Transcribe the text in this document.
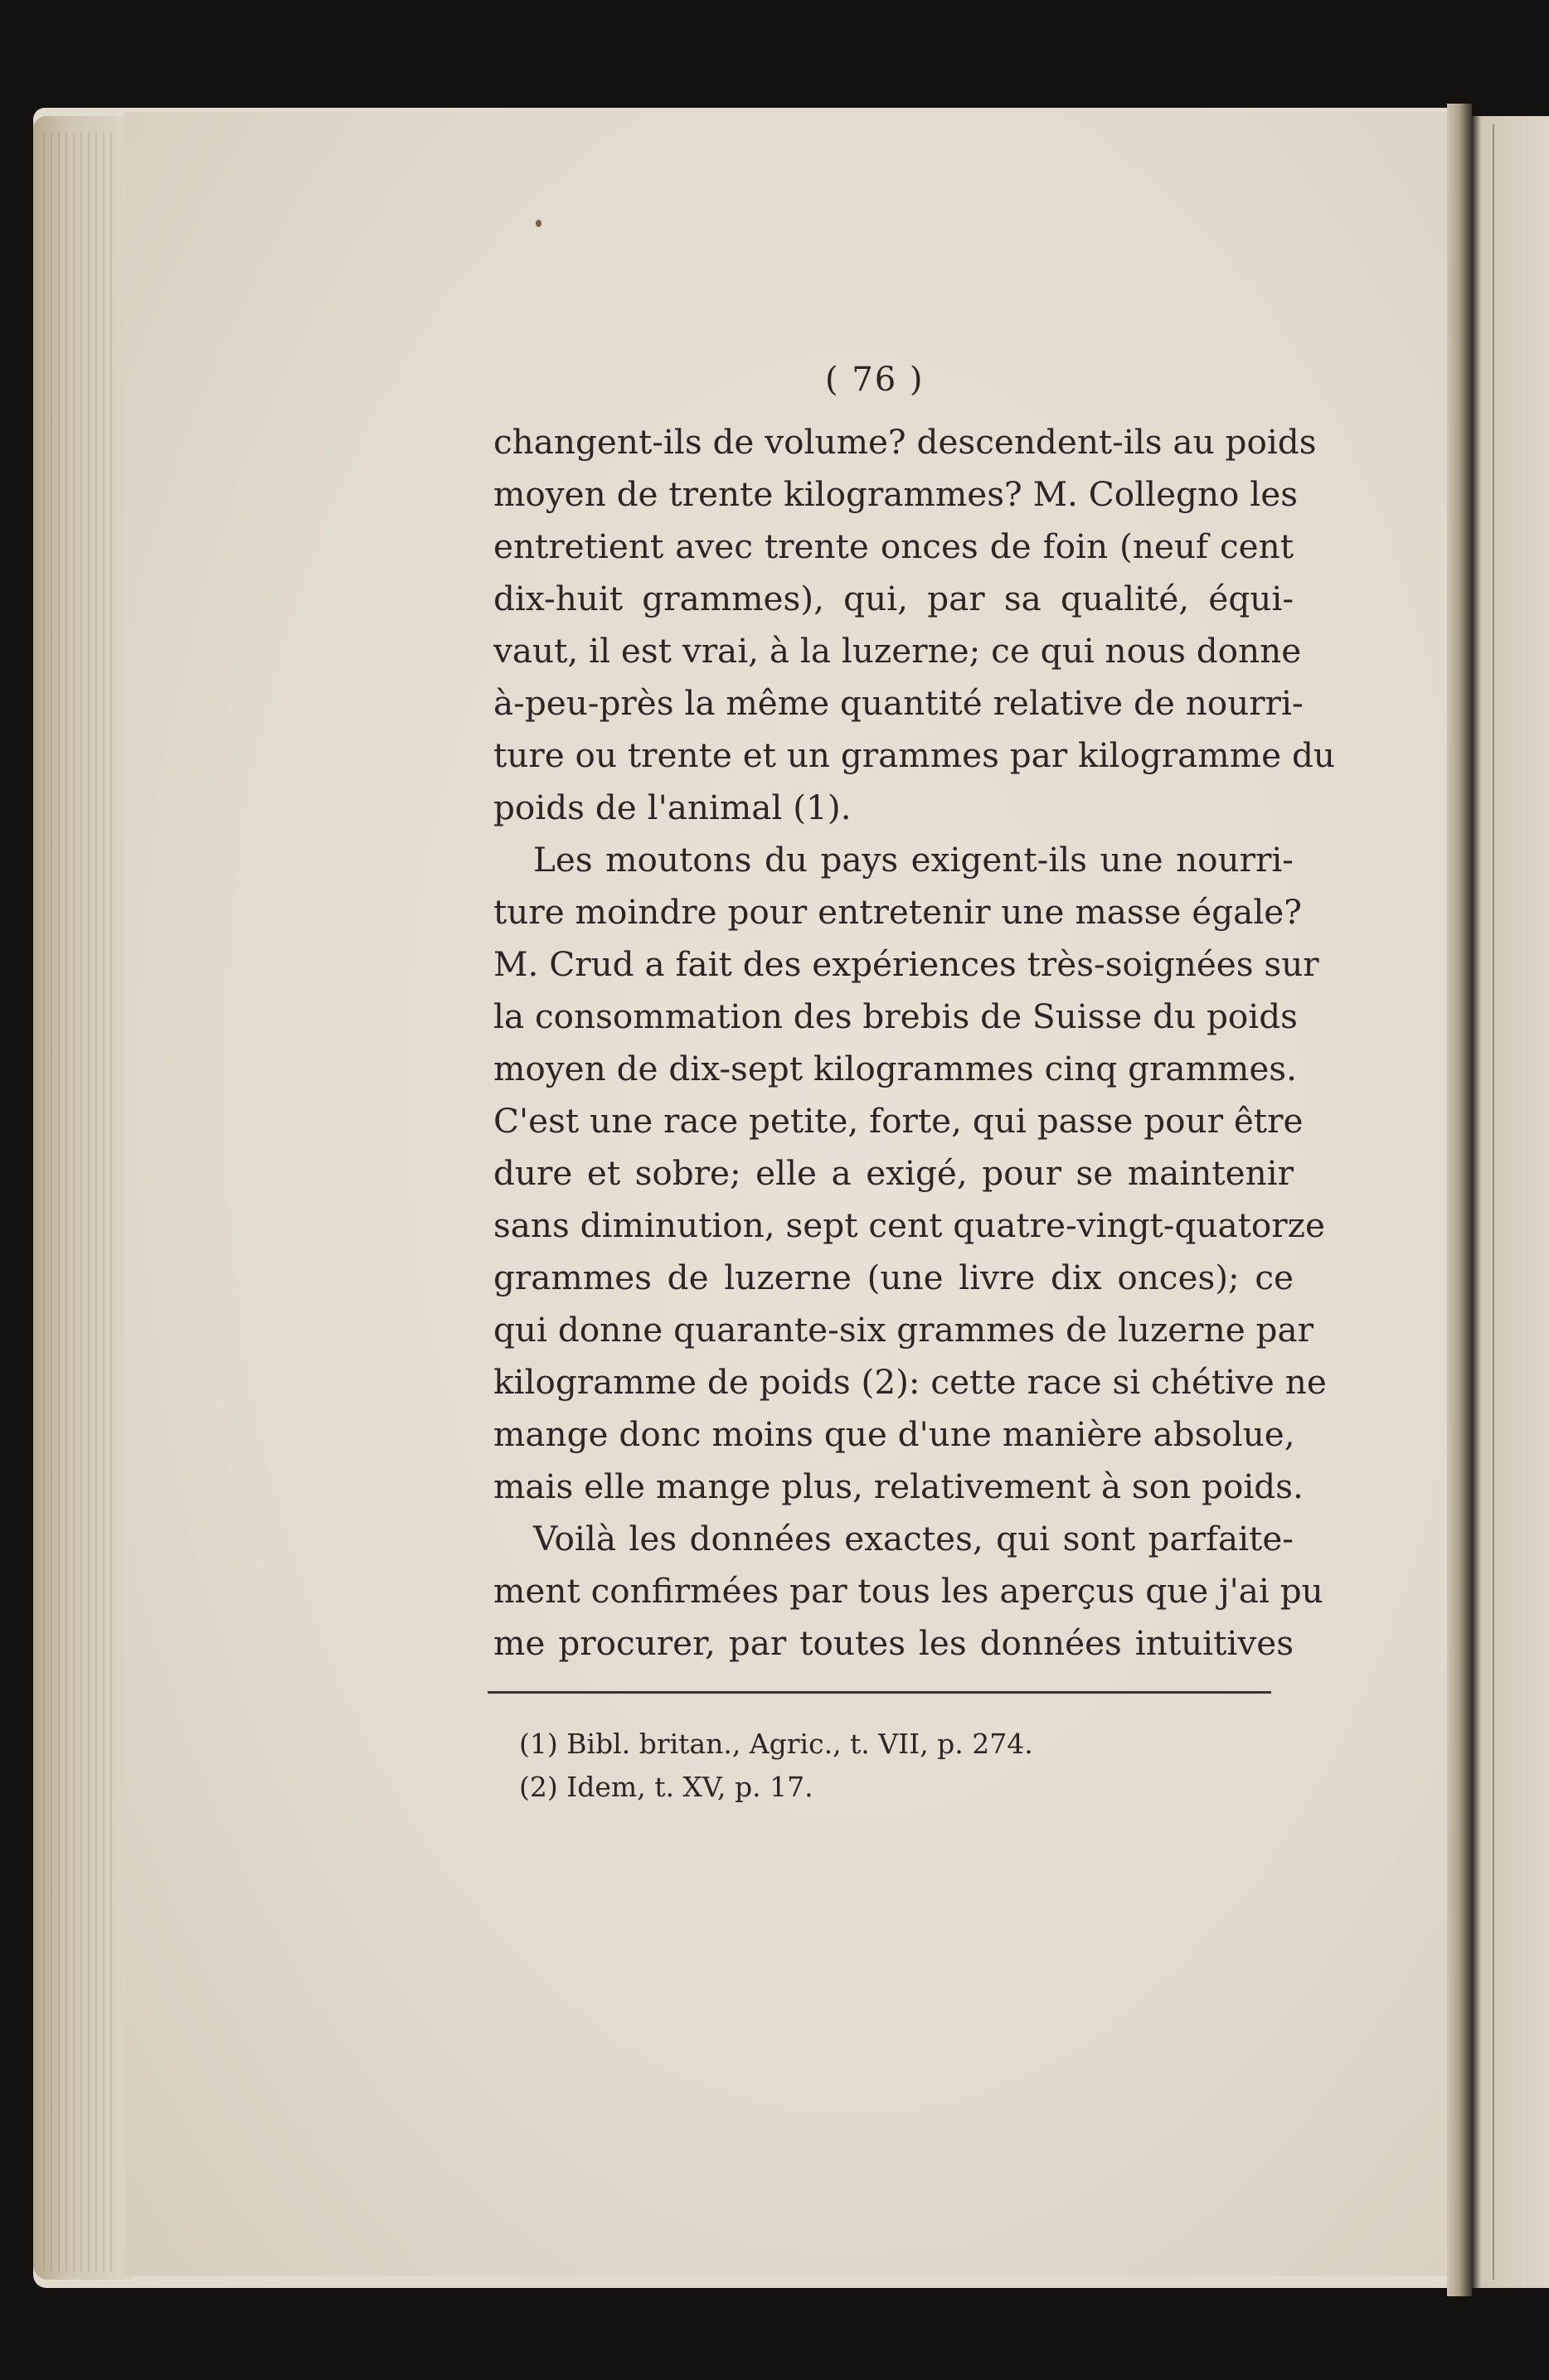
( 76 )
changent-ils de volume? descendent-ils au poids
moyen de trente kilogrammes? M. Collegno les
entretient avec trente onces de foin (neuf cent
dix-huit grammes), qui, par sa qualité, équi-
vaut, il est vrai, à la luzerne; ce qui nous donne
à-peu-près la même quantité relative de nourri-
ture ou trente et un grammes par kilogramme du
poids de l'animal (1).
Les moutons du pays exigent-ils une nourri-
ture moindre pour entretenir une masse égale?
M. Crud a fait des expériences très-soignées sur
la consommation des brebis de Suisse du poids
moyen de dix-sept kilogrammes cinq grammes.
C'est une race petite, forte, qui passe pour être
dure et sobre; elle a exigé, pour se maintenir
sans diminution, sept cent quatre-vingt-quatorze
grammes de luzerne (une livre dix onces); ce
qui donne quarante-six grammes de luzerne par
kilogramme de poids (2): cette race si chétive ne
mange donc moins que d'une manière absolue,
mais elle mange plus, relativement à son poids.
Voilà les données exactes, qui sont parfaite-
ment confirmées par tous les aperçus que j'ai pu
me procurer, par toutes les données intuitives
(1) Bibl. britan., Agric., t. VII, p. 274.
(2) Idem, t. XV, p. 17.
